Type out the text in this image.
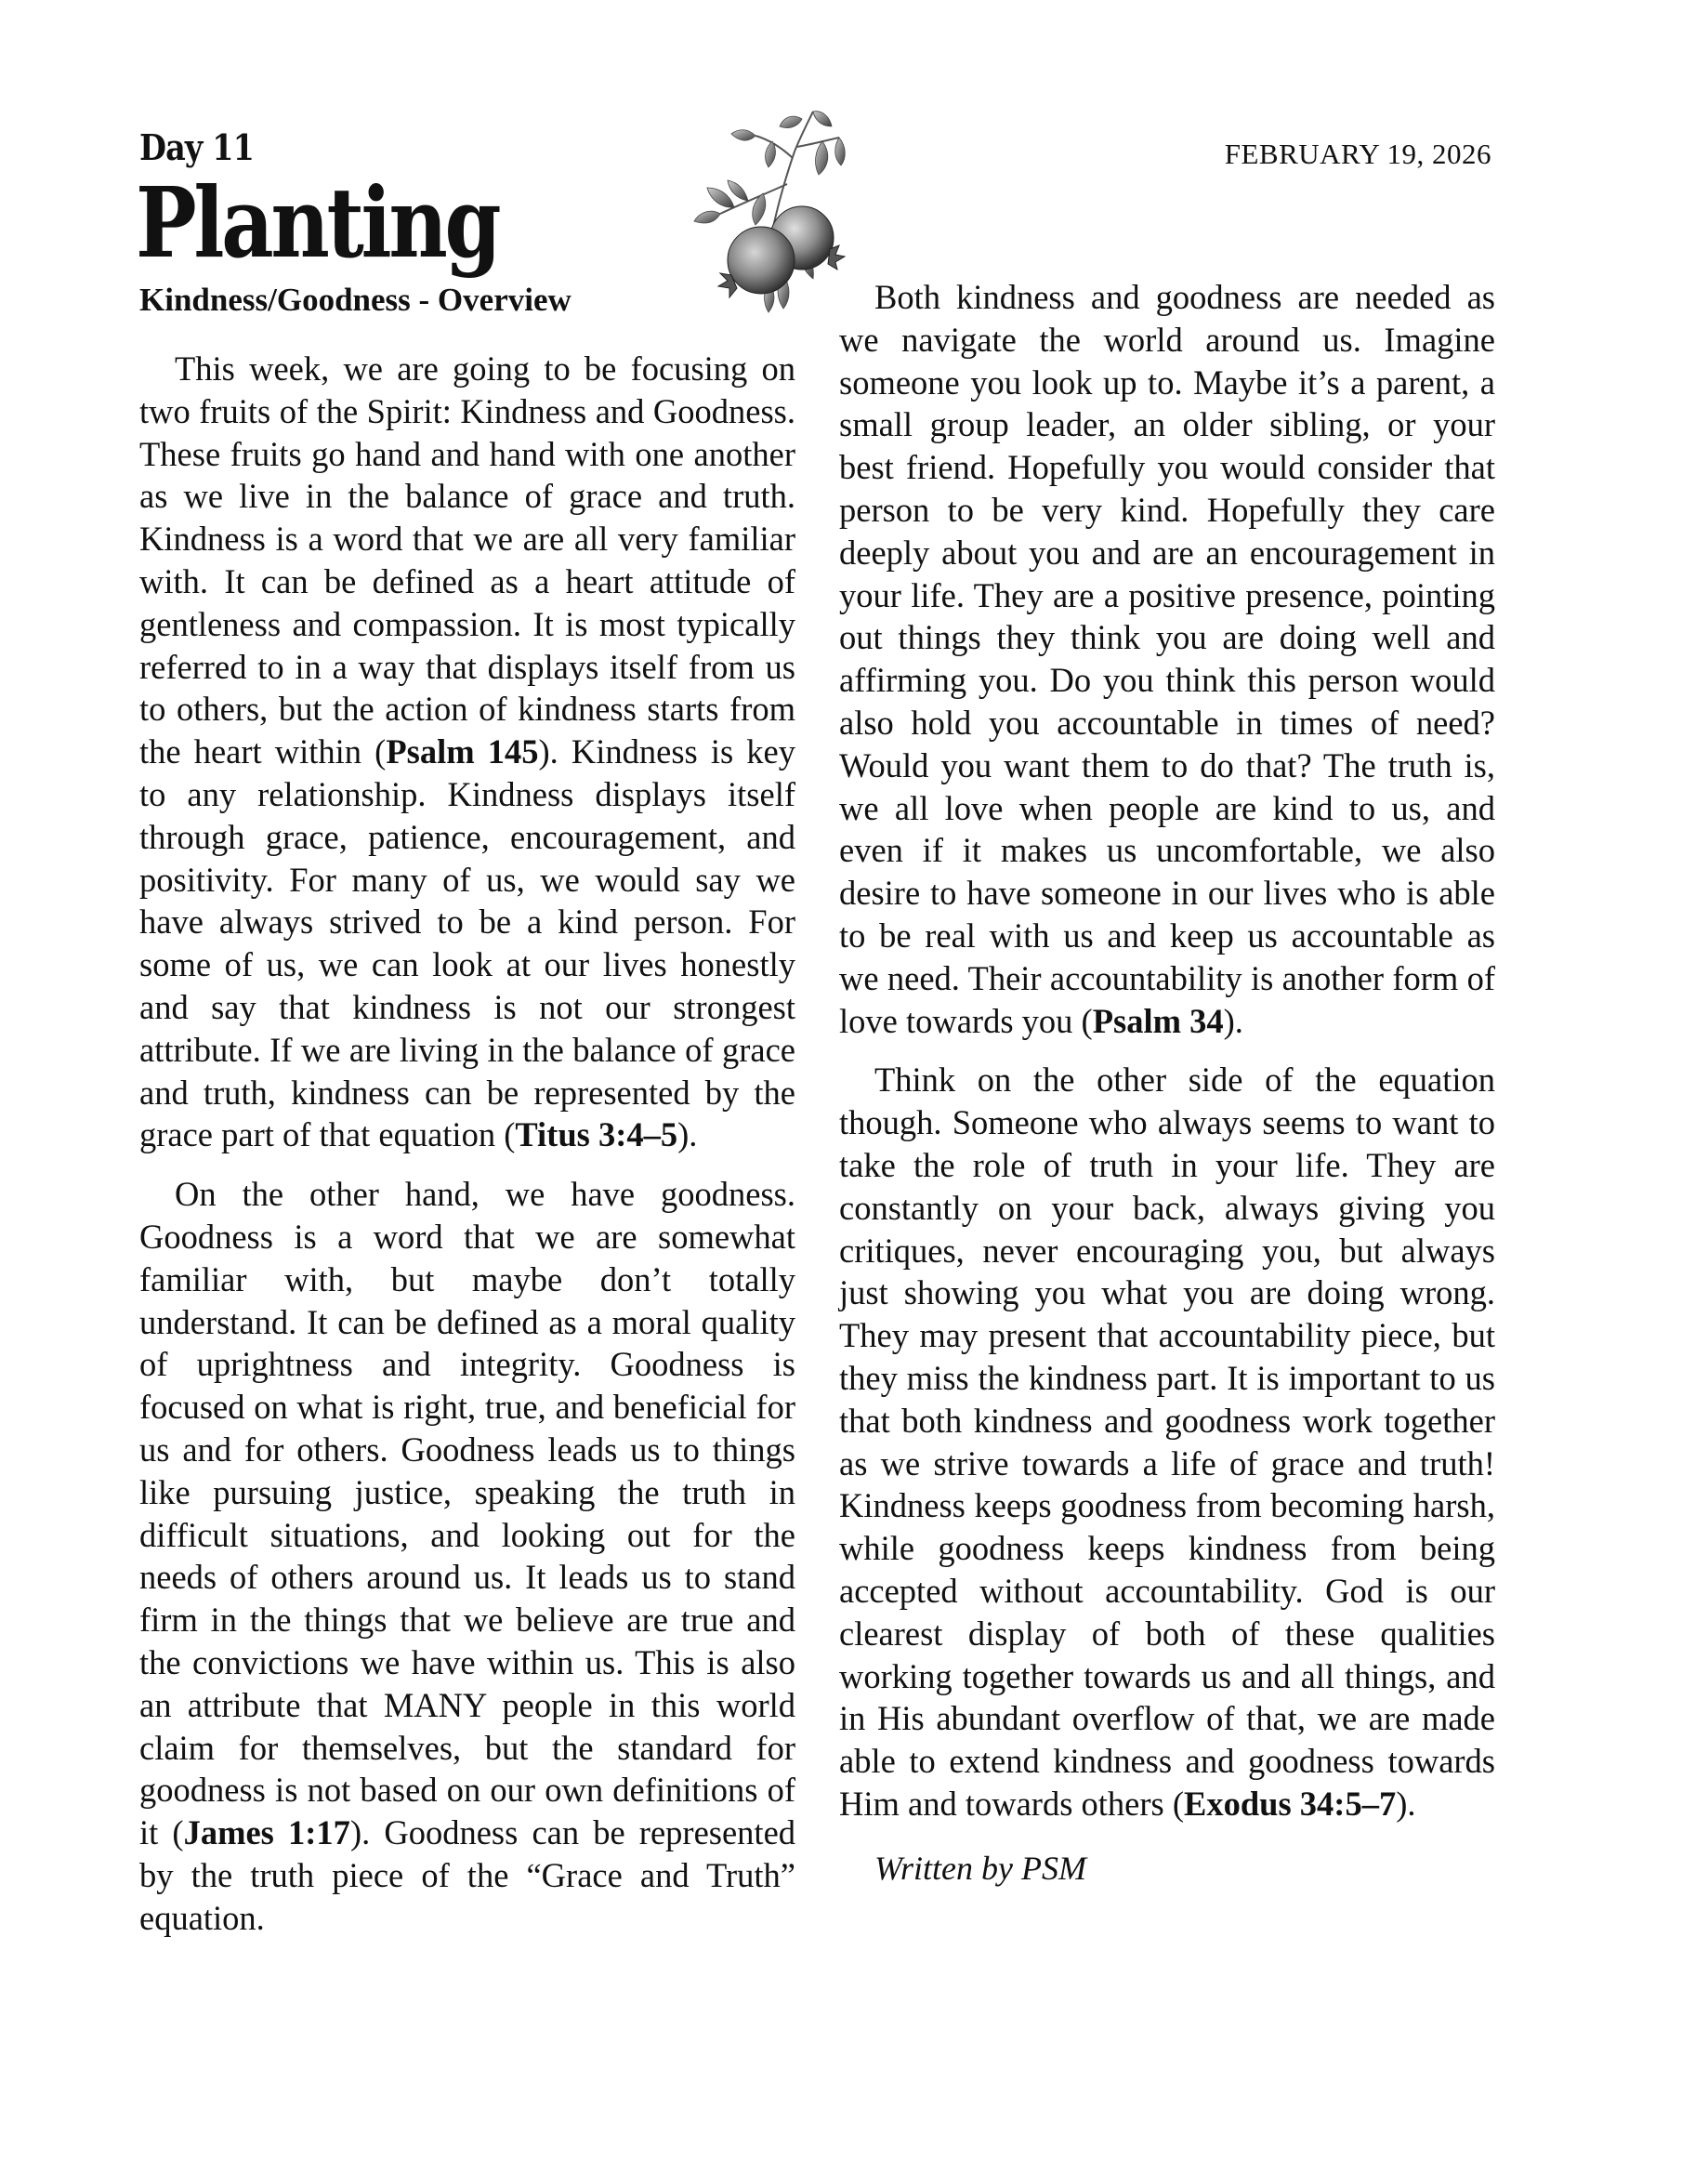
Day 11
Planting
Kindness/Goodness - Overview
FEBRUARY 19, 2026

This week, we are going to be focusing on two fruits of the Spirit: Kindness and Goodness. These fruits go hand and hand with one another as we live in the balance of grace and truth. Kindness is a word that we are all very familiar with. It can be defined as a heart attitude of gentleness and compassion. It is most typically referred to in a way that displays itself from us to others, but the action of kindness starts from the heart within (Psalm 145). Kindness is key to any relationship. Kindness displays itself through grace, patience, encouragement, and positivity. For many of us, we would say we have always strived to be a kind person. For some of us, we can look at our lives honestly and say that kindness is not our strongest attribute. If we are living in the balance of grace and truth, kindness can be represented by the grace part of that equation (Titus 3:4–5).

On the other hand, we have goodness. Goodness is a word that we are somewhat familiar with, but maybe don’t totally understand. It can be defined as a moral quality of uprightness and integrity. Goodness is focused on what is right, true, and beneficial for us and for others. Goodness leads us to things like pursuing justice, speaking the truth in difficult situations, and looking out for the needs of others around us. It leads us to stand firm in the things that we believe are true and the convictions we have within us. This is also an attribute that MANY people in this world claim for themselves, but the standard for goodness is not based on our own definitions of it (James 1:17). Goodness can be represented by the truth piece of the “Grace and Truth” equation.

Both kindness and goodness are needed as we navigate the world around us. Imagine someone you look up to. Maybe it’s a parent, a small group leader, an older sibling, or your best friend. Hopefully you would consider that person to be very kind. Hopefully they care deeply about you and are an encouragement in your life. They are a positive presence, pointing out things they think you are doing well and affirming you. Do you think this person would also hold you accountable in times of need? Would you want them to do that? The truth is, we all love when people are kind to us, and even if it makes us uncomfortable, we also desire to have someone in our lives who is able to be real with us and keep us accountable as we need. Their accountability is another form of love towards you (Psalm 34).

Think on the other side of the equation though. Someone who always seems to want to take the role of truth in your life. They are constantly on your back, always giving you critiques, never encouraging you, but always just showing you what you are doing wrong. They may present that accountability piece, but they miss the kindness part. It is important to us that both kindness and goodness work together as we strive towards a life of grace and truth! Kindness keeps goodness from becoming harsh, while goodness keeps kindness from being accepted without accountability. God is our clearest display of both of these qualities working together towards us and all things, and in His abundant overflow of that, we are made able to extend kindness and goodness towards Him and towards others (Exodus 34:5–7).

Written by PSM
